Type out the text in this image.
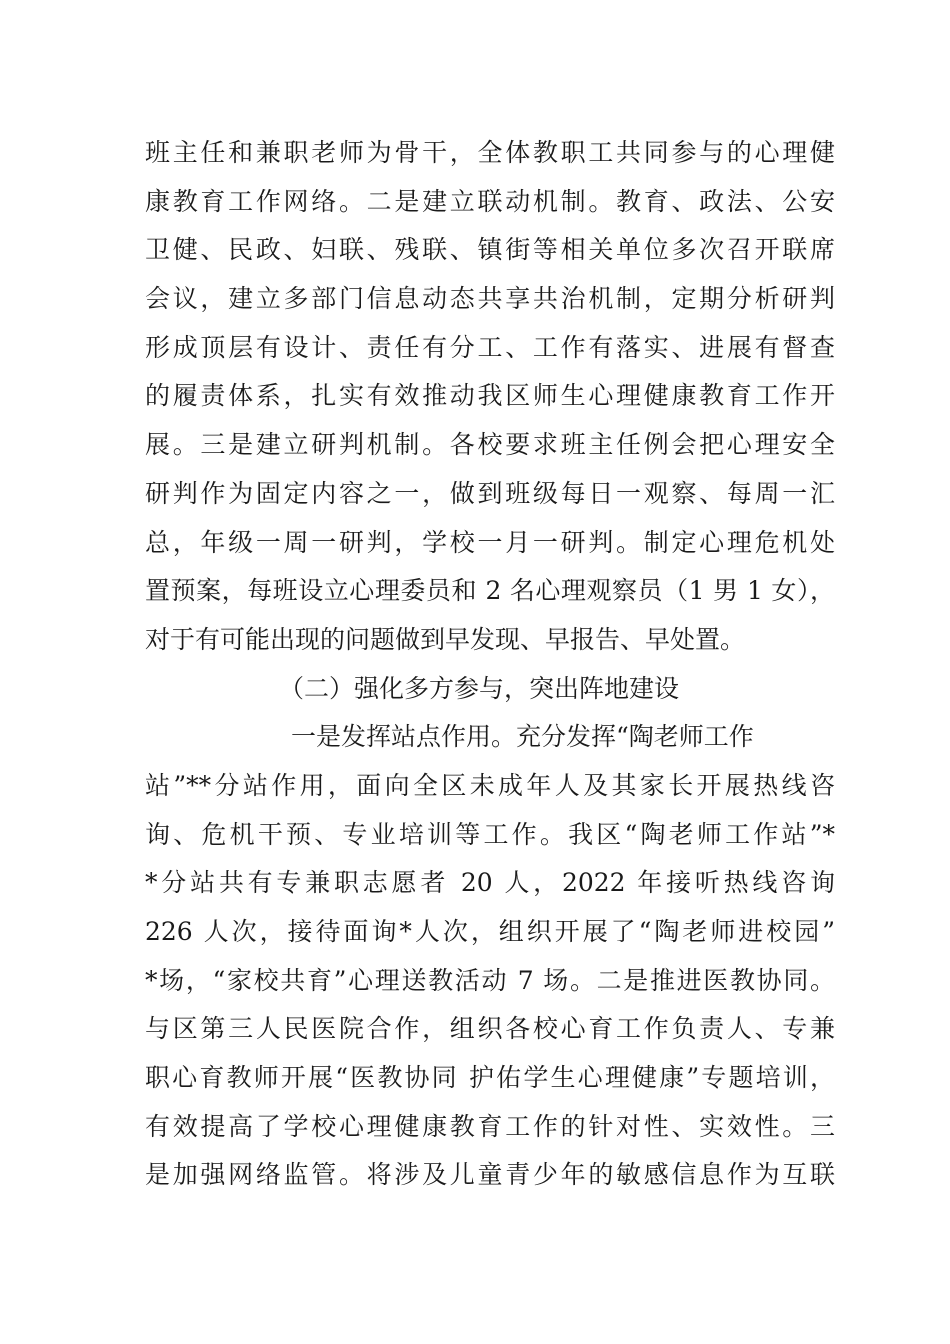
班主任和兼职老师为骨干，全体教职工共同参与的心理健
康教育工作网络。二是建立联动机制。教育、政法、公安
卫健、民政、妇联、残联、镇街等相关单位多次召开联席
会议，建立多部门信息动态共享共治机制，定期分析研判
形成顶层有设计、责任有分工、工作有落实、进展有督查
的履责体系，扎实有效推动我区师生心理健康教育工作开
展。三是建立研判机制。各校要求班主任例会把心理安全
研判作为固定内容之一，做到班级每日一观察、每周一汇
总，年级一周一研判，学校一月一研判。制定心理危机处
置预案，每班设立心理委员和 2 名心理观察员（1 男 1 女），
对于有可能出现的问题做到早发现、早报告、早处置。
（二）强化多方参与，突出阵地建设
一是发挥站点作用。充分发挥“陶老师工作
站”**分站作用，面向全区未成年人及其家长开展热线咨
询、危机干预、专业培训等工作。我区“陶老师工作站”*
*分站共有专兼职志愿者 20 人，2022 年接听热线咨询
226 人次，接待面询*人次，组织开展了“陶老师进校园”
*场，“家校共育”心理送教活动 7 场。二是推进医教协同。
与区第三人民医院合作，组织各校心育工作负责人、专兼
职心育教师开展“医教协同 护佑学生心理健康”专题培训，
有效提高了学校心理健康教育工作的针对性、实效性。三
是加强网络监管。将涉及儿童青少年的敏感信息作为互联
